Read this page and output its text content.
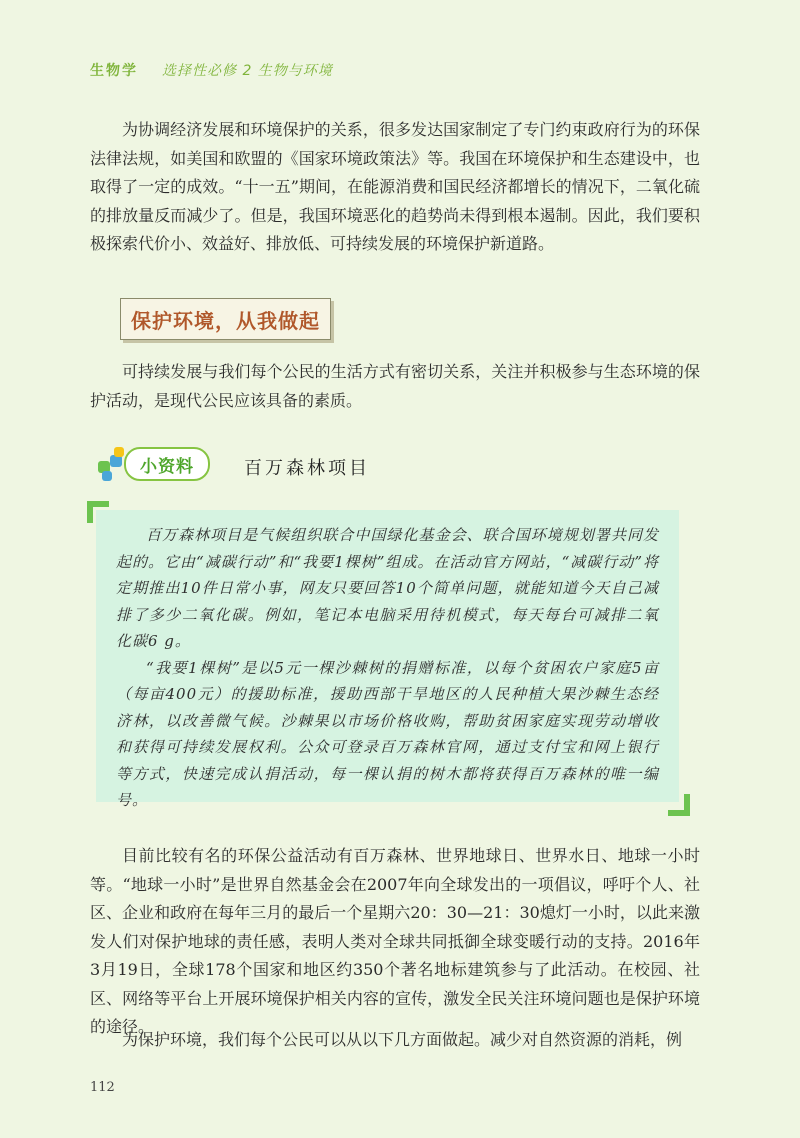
生物学 选择性必修 2 生物与环境

为协调经济发展和环境保护的关系，很多发达国家制定了专门约束政府行为的环保法律法规，如美国和欧盟的《国家环境政策法》等。我国在环境保护和生态建设中，也取得了一定的成效。“十一五”期间，在能源消费和国民经济都增长的情况下，二氧化硫的排放量反而减少了。但是，我国环境恶化的趋势尚未得到根本遏制。因此，我们要积极探索代价小、效益好、排放低、可持续发展的环境保护新道路。

保护环境，从我做起

可持续发展与我们每个公民的生活方式有密切关系，关注并积极参与生态环境的保护活动，是现代公民应该具备的素质。

小资料	百万森林项目

百万森林项目是气候组织联合中国绿化基金会、联合国环境规划署共同发起的。它由“减碳行动”和“我要1棵树”组成。在活动官方网站，“减碳行动”将定期推出10件日常小事，网友只要回答10个简单问题，就能知道今天自己减排了多少二氧化碳。例如，笔记本电脑采用待机模式，每天每台可减排二氧化碳6 g。

“我要1棵树”是以5元一棵沙棘树的捐赠标准，以每个贫困农户家庭5亩（每亩400元）的援助标准，援助西部干旱地区的人民种植大果沙棘生态经济林，以改善微气候。沙棘果以市场价格收购，帮助贫困家庭实现劳动增收和获得可持续发展权利。公众可登录百万森林官网，通过支付宝和网上银行等方式，快速完成认捐活动，每一棵认捐的树木都将获得百万森林的唯一编号。

目前比较有名的环保公益活动有百万森林、世界地球日、世界水日、地球一小时等。“地球一小时”是世界自然基金会在2007年向全球发出的一项倡议，呼吁个人、社区、企业和政府在每年三月的最后一个星期六20：30—21：30熄灯一小时，以此来激发人们对保护地球的责任感，表明人类对全球共同抵御全球变暖行动的支持。2016年3月19日，全球178个国家和地区约350个著名地标建筑参与了此活动。在校园、社区、网络等平台上开展环境保护相关内容的宣传，激发全民关注环境问题也是保护环境的途径。

为保护环境，我们每个公民可以从以下几方面做起。减少对自然资源的消耗，例

112
